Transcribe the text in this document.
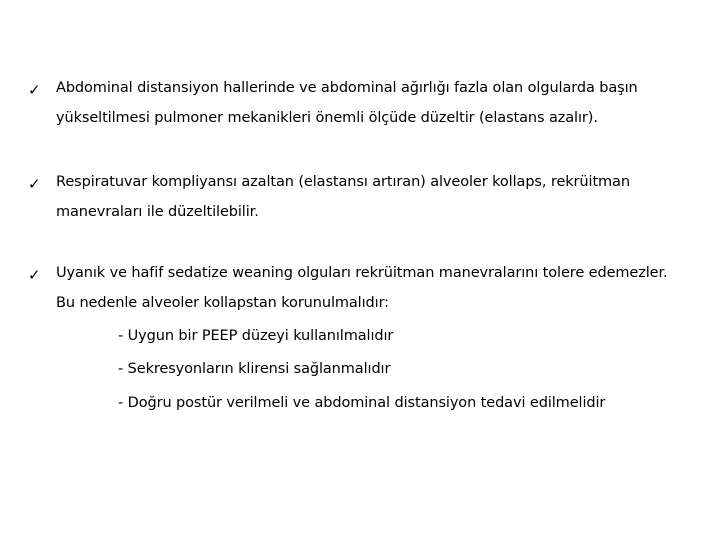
✓ Abdominal distansiyon hallerinde ve abdominal ağırlığı fazla olan olgularda başın
yükseltilmesi pulmoner mekanikleri önemli ölçüde düzeltir (elastans azalır).
✓ Respiratuvar kompliyansı azaltan (elastansı artıran) alveoler kollaps, rekrüitman
manevraları ile düzeltilebilir.
✓ Uyanık ve hafif sedatize weaning olguları rekrüitman manevralarını tolere edemezler.
Bu nedenle alveoler kollapstan korunulmalıdır:
- Uygun bir PEEP düzeyi kullanılmalıdır
- Sekresyonların klirensi sağlanmalıdır
- Doğru postür verilmeli ve abdominal distansiyon tedavi edilmelidir
